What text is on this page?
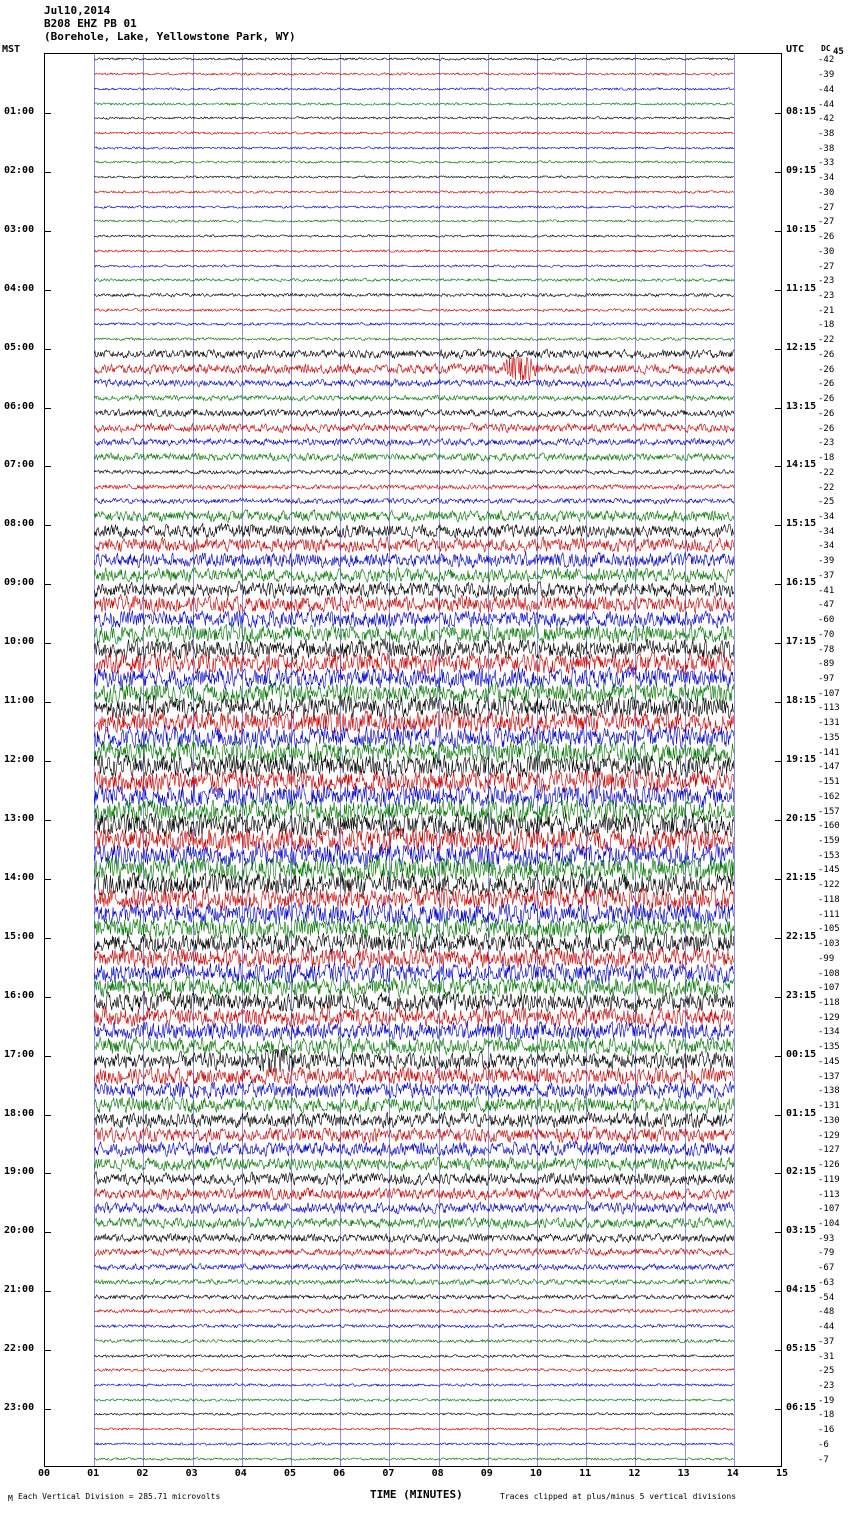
Jul10,2014
B208 EHZ PB 01
(Borehole, Lake, Yellowstone Park, WY)
MST	UTC DC 45
00	01	02	03	04	05	06	07	08	09	10	11	12	13	14	15
M Each Vertical Division = 285.71 microvolts	TIME (MINUTES)	Traces clipped at plus/minus 5 vertical divisions
01:00	08:15
02:00	09:15
03:00	10:15
04:00	11:15
05:00	12:15
06:00	13:15
07:00	14:15
08:00	15:15
09:00	16:15
10:00	17:15
11:00	18:15
12:00	19:15
13:00	20:15
14:00	21:15
15:00	22:15
16:00	23:15
17:00	00:15
18:00	01:15
19:00	02:15
20:00	03:15
21:00	04:15
22:00	05:15
23:00	06:15
-42
-39
-44
-44
-42
-38
-38
-33
-34
-30
-27
-27
-26
-30
-27
-23
-23
-21
-18
-22
-26
-26
-26
-26
-26
-26
-23
-18
-22
-22
-25
-34
-34
-34
-39
-37
-41
-47
-60
-70
-78
-89
-97
-107
-113
-131
-135
-141
-147
-151
-162
-157
-160
-159
-153
-145
-122
-118
-111
-105
-103
-99
-108
-107
-118
-129
-134
-135
-145
-137
-138
-131
-130
-129
-127
-126
-119
-113
-107
-104
-93
-79
-67
-63
-54
-48
-44
-37
-31
-25
-23
-19
-18
-16
-6
-7
